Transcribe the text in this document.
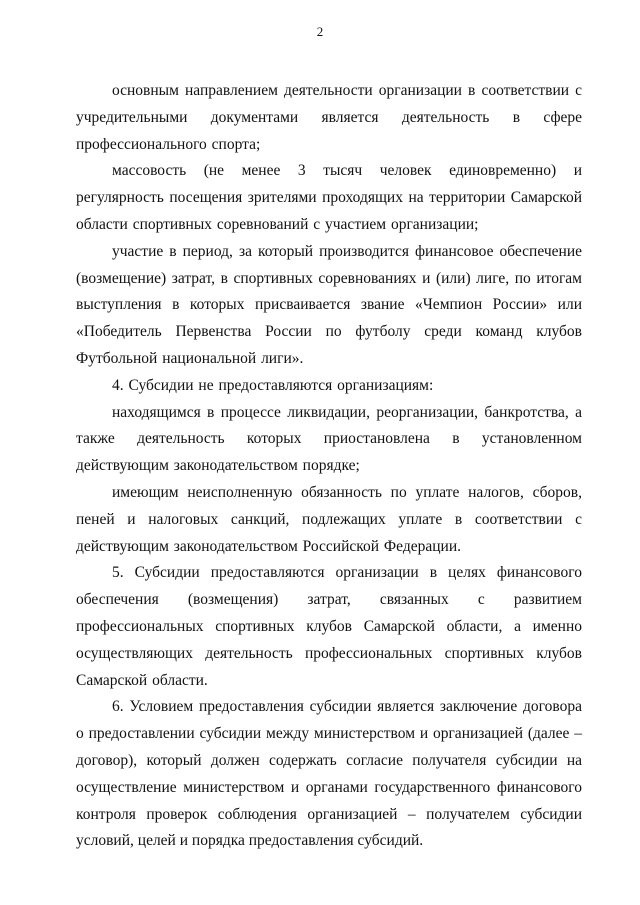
2

основным направлением деятельности организации в соответствии с учредительными документами является деятельность в сфере профессионального спорта;

массовость (не менее 3 тысяч человек единовременно) и регулярность посещения зрителями проходящих на территории Самарской области спортивных соревнований с участием организации;

участие в период, за который производится финансовое обеспечение (возмещение) затрат, в спортивных соревнованиях и (или) лиге, по итогам выступления в которых присваивается звание «Чемпион России» или «Победитель Первенства России по футболу среди команд клубов Футбольной национальной лиги».

4. Субсидии не предоставляются организациям:

находящимся в процессе ликвидации, реорганизации, банкротства, а также деятельность которых приостановлена в установленном действующим законодательством порядке;

имеющим неисполненную обязанность по уплате налогов, сборов, пеней и налоговых санкций, подлежащих уплате в соответствии с действующим законодательством Российской Федерации.

5. Субсидии предоставляются организации в целях финансового обеспечения (возмещения) затрат, связанных с развитием профессиональных спортивных клубов Самарской области, а именно осуществляющих деятельность профессиональных спортивных клубов Самарской области.

6. Условием предоставления субсидии является заключение договора о предоставлении субсидии между министерством и организацией (далее – договор), который должен содержать согласие получателя субсидии на осуществление министерством и органами государственного финансового контроля проверок соблюдения организацией – получателем субсидии условий, целей и порядка предоставления субсидий.
